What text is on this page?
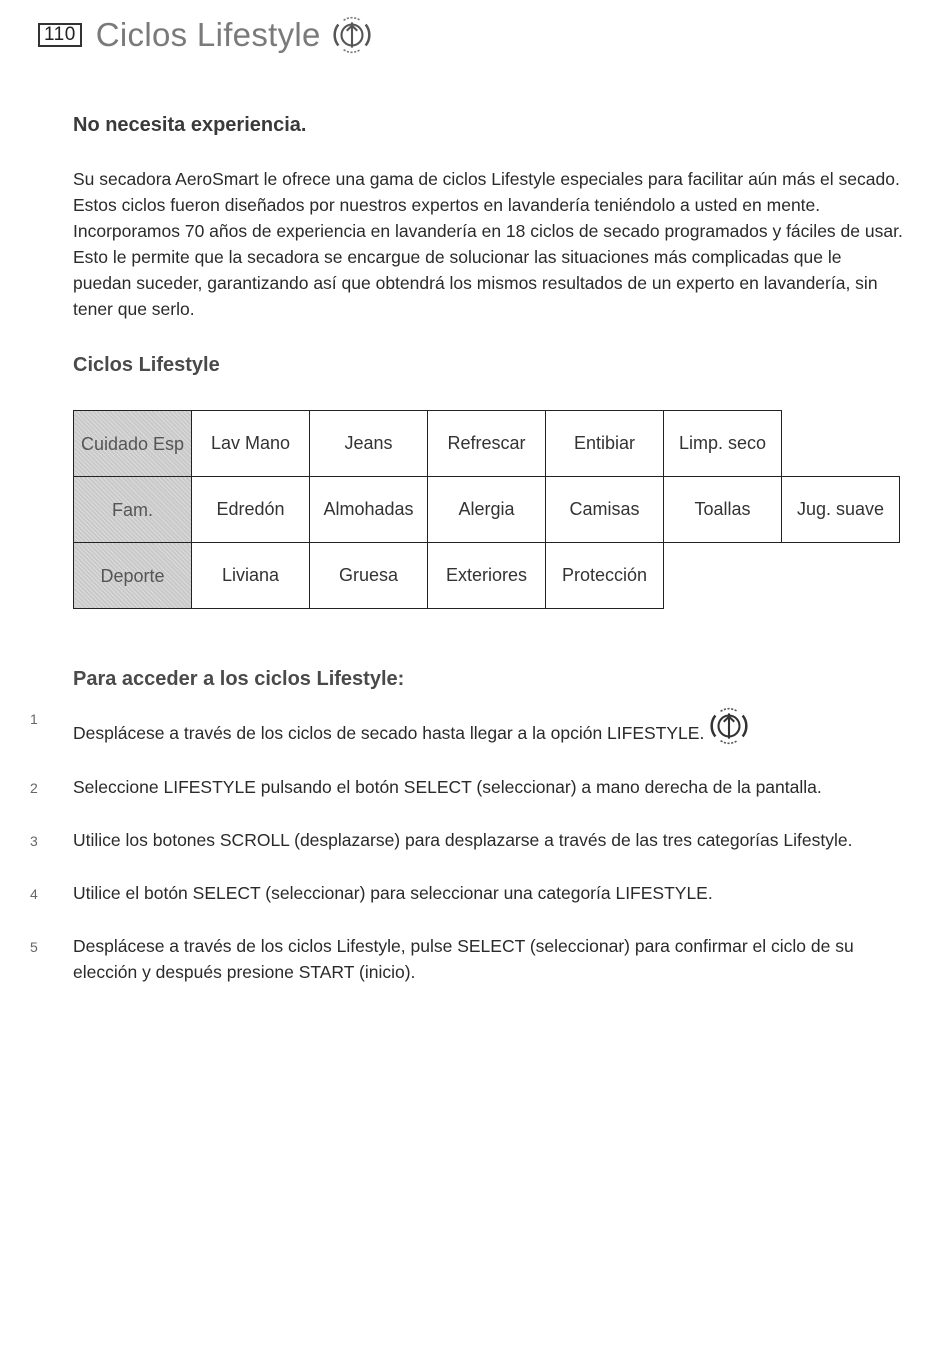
110 Ciclos Lifestyle
No necesita experiencia.
Su secadora AeroSmart le ofrece una gama de ciclos Lifestyle especiales para facilitar aún más el secado. Estos ciclos fueron diseñados por nuestros expertos en lavandería teniéndolo a usted en mente. Incorporamos 70 años de experiencia en lavandería en 18 ciclos de secado programados y fáciles de usar. Esto le permite que la secadora se encargue de solucionar las situaciones más complicadas que le puedan suceder, garantizando así que obtendrá los mismos resultados de un experto en lavandería, sin tener que serlo.
Ciclos Lifestyle
Cuidado Esp	Lav Mano	Jeans	Refrescar	Entibiar	Limp. seco	
Fam.	Edredón	Almohadas	Alergia	Camisas	Toallas	Jug. suave
Deporte	Liviana	Gruesa	Exteriores	Protección		
Para acceder a los ciclos Lifestyle:
1
Desplácese a través de los ciclos de secado hasta llegar a la opción LIFESTYLE.
2	Seleccione LIFESTYLE pulsando el botón SELECT (seleccionar) a mano derecha de la pantalla.
3	Utilice los botones SCROLL (desplazarse) para desplazarse a través de las tres categorías Lifestyle.
4	Utilice el botón SELECT (seleccionar) para seleccionar una categoría LIFESTYLE.
5	Desplácese a través de los ciclos Lifestyle, pulse SELECT (seleccionar) para confirmar el ciclo de su elección y después presione START (inicio).
